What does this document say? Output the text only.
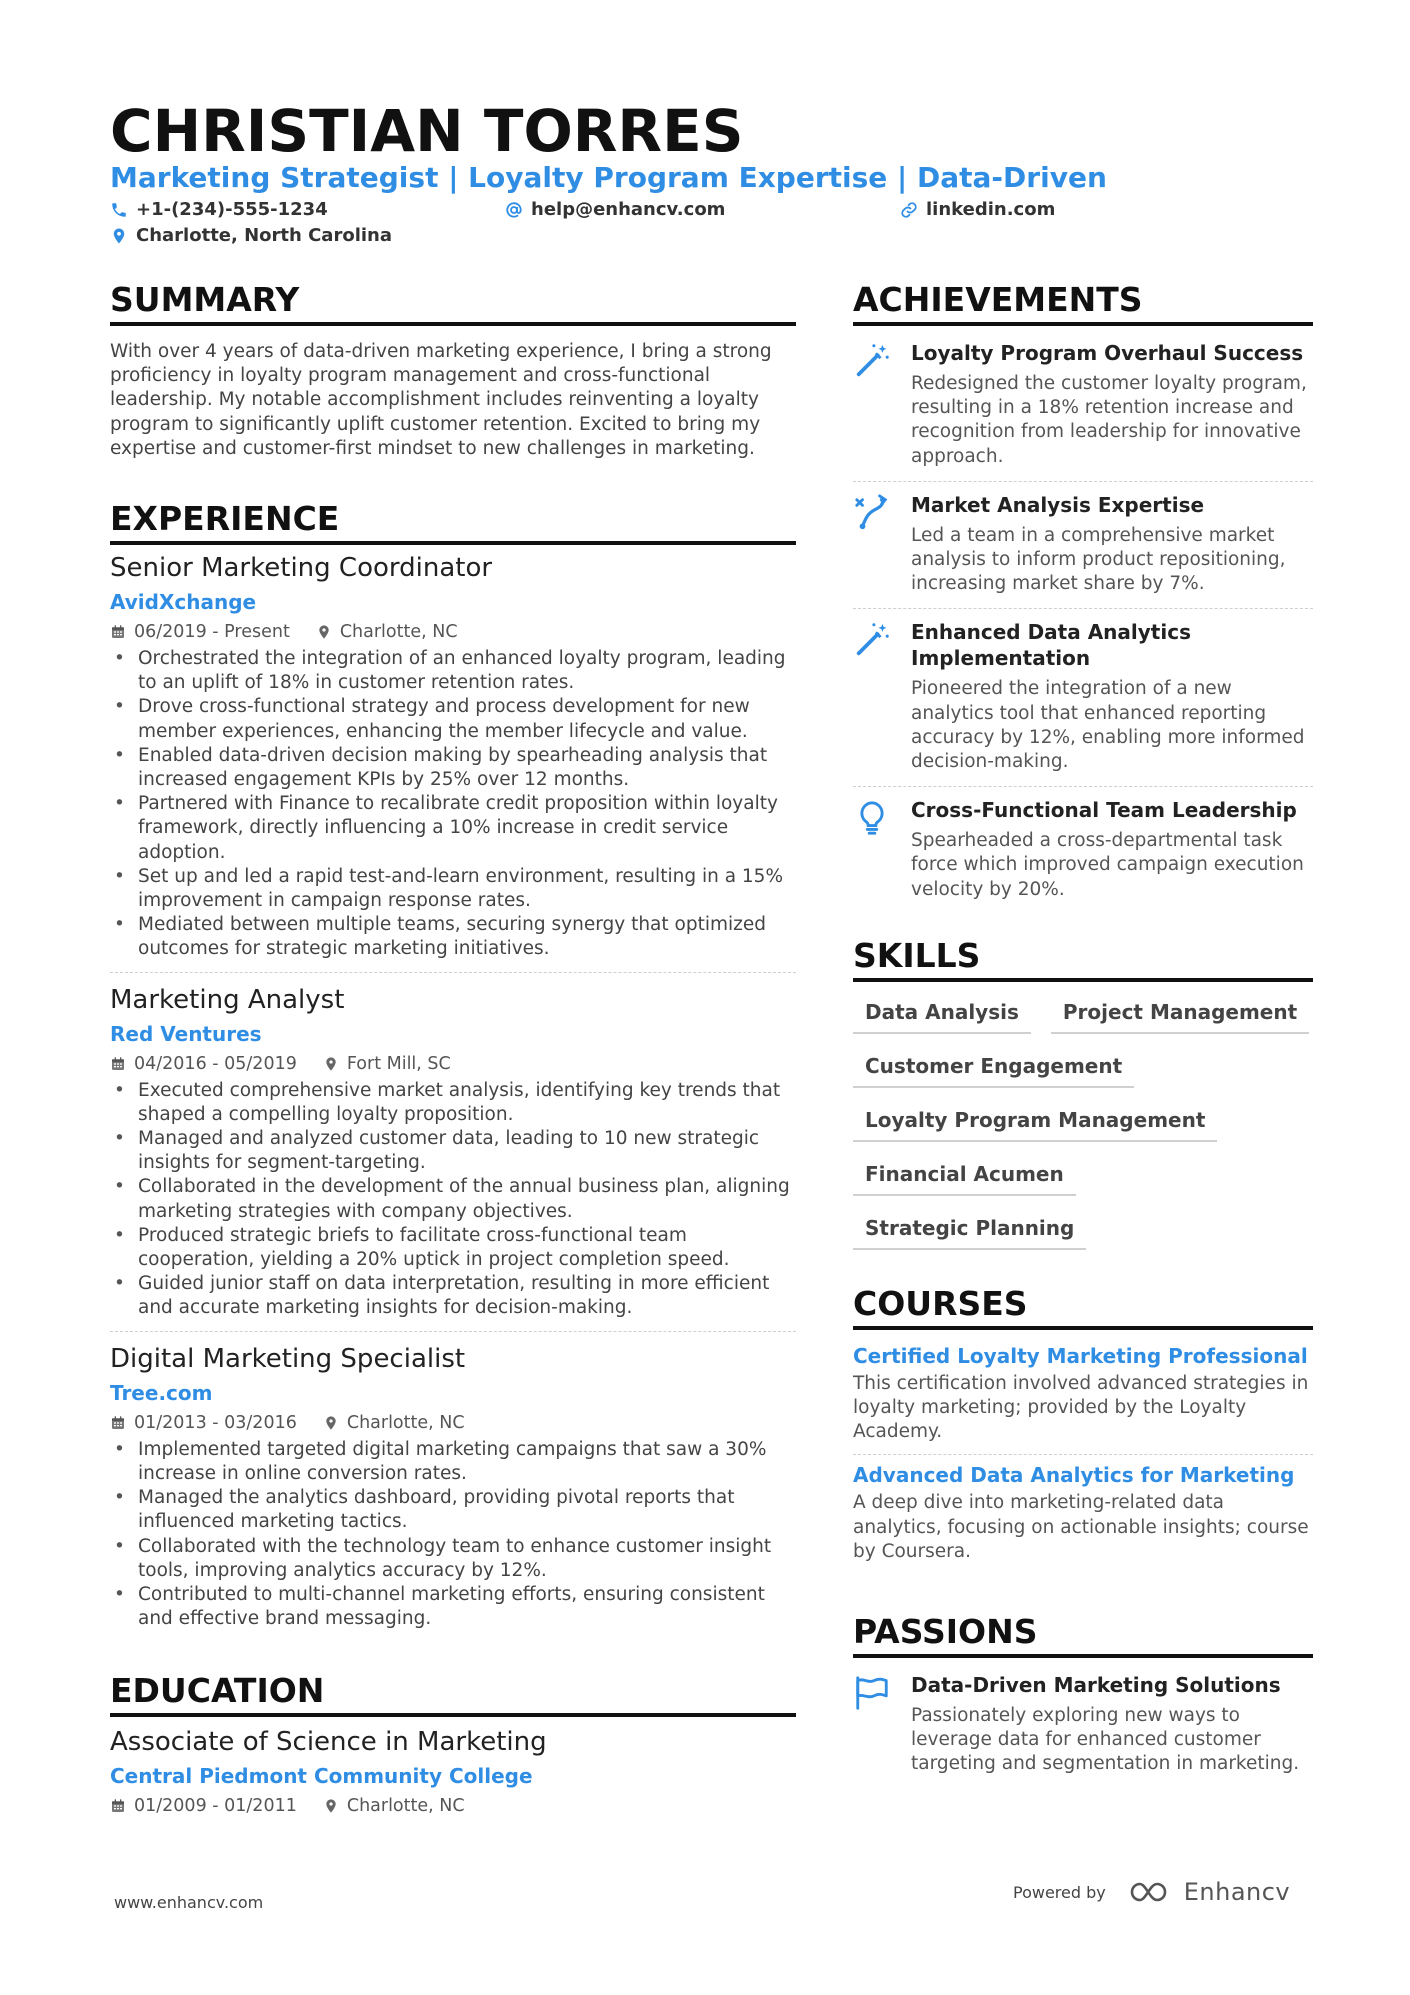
CHRISTIAN TORRES
Marketing Strategist | Loyalty Program Expertise | Data-Driven
+1-(234)-555-1234	help@enhancv.com	linkedin.com
Charlotte, North Carolina
SUMMARY
With over 4 years of data-driven marketing experience, I bring a strong proficiency in loyalty program management and cross-functional leadership. My notable accomplishment includes reinventing a loyalty program to significantly uplift customer retention. Excited to bring my expertise and customer-first mindset to new challenges in marketing.
EXPERIENCE
Senior Marketing Coordinator
AvidXchange
06/2019 - Present	Charlotte, NC
• Orchestrated the integration of an enhanced loyalty program, leading to an uplift of 18% in customer retention rates.
• Drove cross-functional strategy and process development for new member experiences, enhancing the member lifecycle and value.
• Enabled data-driven decision making by spearheading analysis that increased engagement KPIs by 25% over 12 months.
• Partnered with Finance to recalibrate credit proposition within loyalty framework, directly influencing a 10% increase in credit service adoption.
• Set up and led a rapid test-and-learn environment, resulting in a 15% improvement in campaign response rates.
• Mediated between multiple teams, securing synergy that optimized outcomes for strategic marketing initiatives.
Marketing Analyst
Red Ventures
04/2016 - 05/2019	Fort Mill, SC
• Executed comprehensive market analysis, identifying key trends that shaped a compelling loyalty proposition.
• Managed and analyzed customer data, leading to 10 new strategic insights for segment-targeting.
• Collaborated in the development of the annual business plan, aligning marketing strategies with company objectives.
• Produced strategic briefs to facilitate cross-functional team cooperation, yielding a 20% uptick in project completion speed.
• Guided junior staff on data interpretation, resulting in more efficient and accurate marketing insights for decision-making.
Digital Marketing Specialist
Tree.com
01/2013 - 03/2016	Charlotte, NC
• Implemented targeted digital marketing campaigns that saw a 30% increase in online conversion rates.
• Managed the analytics dashboard, providing pivotal reports that influenced marketing tactics.
• Collaborated with the technology team to enhance customer insight tools, improving analytics accuracy by 12%.
• Contributed to multi-channel marketing efforts, ensuring consistent and effective brand messaging.
EDUCATION
Associate of Science in Marketing
Central Piedmont Community College
01/2009 - 01/2011	Charlotte, NC
ACHIEVEMENTS
Loyalty Program Overhaul Success
Redesigned the customer loyalty program, resulting in a 18% retention increase and recognition from leadership for innovative approach.
Market Analysis Expertise
Led a team in a comprehensive market analysis to inform product repositioning, increasing market share by 7%.
Enhanced Data Analytics Implementation
Pioneered the integration of a new analytics tool that enhanced reporting accuracy by 12%, enabling more informed decision-making.
Cross-Functional Team Leadership
Spearheaded a cross-departmental task force which improved campaign execution velocity by 20%.
SKILLS
Data Analysis	Project Management
Customer Engagement
Loyalty Program Management
Financial Acumen
Strategic Planning
COURSES
Certified Loyalty Marketing Professional
This certification involved advanced strategies in loyalty marketing; provided by the Loyalty Academy.
Advanced Data Analytics for Marketing
A deep dive into marketing-related data analytics, focusing on actionable insights; course by Coursera.
PASSIONS
Data-Driven Marketing Solutions
Passionately exploring new ways to leverage data for enhanced customer targeting and segmentation in marketing.
www.enhancv.com
Powered by	Enhancv
